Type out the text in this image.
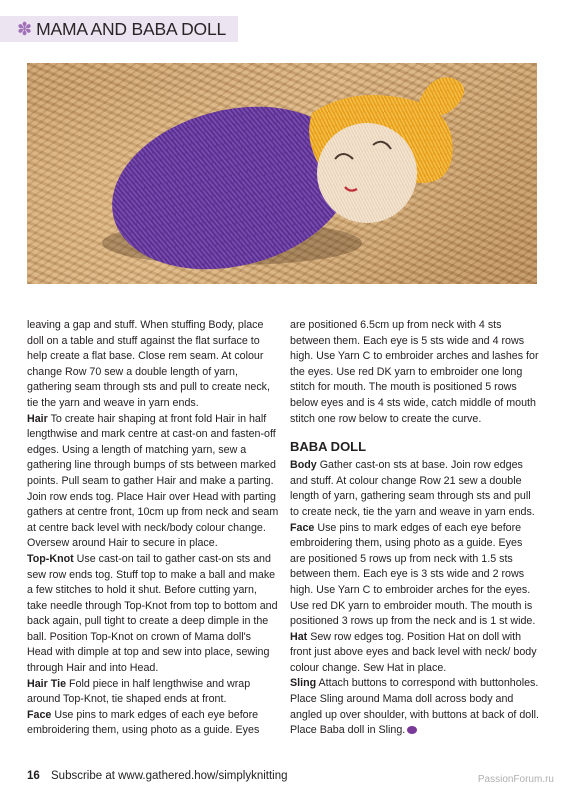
✽ MAMA AND BABA DOLL

leaving a gap and stuff. When stuffing Body, place doll on a table and stuff against the flat surface to help create a flat base. Close rem seam. At colour change Row 70 sew a double length of yarn, gathering seam through sts and pull to create neck, tie the yarn and weave in yarn ends.

Hair To create hair shaping at front fold Hair in half lengthwise and mark centre at cast-on and fasten-off edges. Using a length of matching yarn, sew a gathering line through bumps of sts between marked points. Pull seam to gather Hair and make a parting. Join row ends tog. Place Hair over Head with parting gathers at centre front, 10cm up from neck and seam at centre back level with neck/body colour change. Oversew around Hair to secure in place.

Top-Knot Use cast-on tail to gather cast-on sts and sew row ends tog. Stuff top to make a ball and make a few stitches to hold it shut. Before cutting yarn, take needle through Top-Knot from top to bottom and back again, pull tight to create a deep dimple in the ball. Position Top-Knot on crown of Mama doll's Head with dimple at top and sew into place, sewing through Hair and into Head.

Hair Tie Fold piece in half lengthwise and wrap around Top-Knot, tie shaped ends at front.

Face Use pins to mark edges of each eye before embroidering them, using photo as a guide. Eyes

are positioned 6.5cm up from neck with 4 sts between them. Each eye is 5 sts wide and 4 rows high. Use Yarn C to embroider arches and lashes for the eyes. Use red DK yarn to embroider one long stitch for mouth. The mouth is positioned 5 rows below eyes and is 4 sts wide, catch middle of mouth stitch one row below to create the curve.

BABA DOLL

Body Gather cast-on sts at base. Join row edges and stuff. At colour change Row 21 sew a double length of yarn, gathering seam through sts and pull to create neck, tie the yarn and weave in yarn ends.

Face Use pins to mark edges of each eye before embroidering them, using photo as a guide. Eyes are positioned 5 rows up from neck with 1.5 sts between them. Each eye is 3 sts wide and 2 rows high. Use Yarn C to embroider arches for the eyes. Use red DK yarn to embroider mouth. The mouth is positioned 3 rows up from the neck and is 1 st wide.

Hat Sew row edges tog. Position Hat on doll with front just above eyes and back level with neck/ body colour change. Sew Hat in place.

Sling Attach buttons to correspond with buttonholes. Place Sling around Mama doll across body and angled up over shoulder, with buttons at back of doll. Place Baba doll in Sling.

16 Subscribe at www.gathered.how/simplyknitting	PassionForum.ru
